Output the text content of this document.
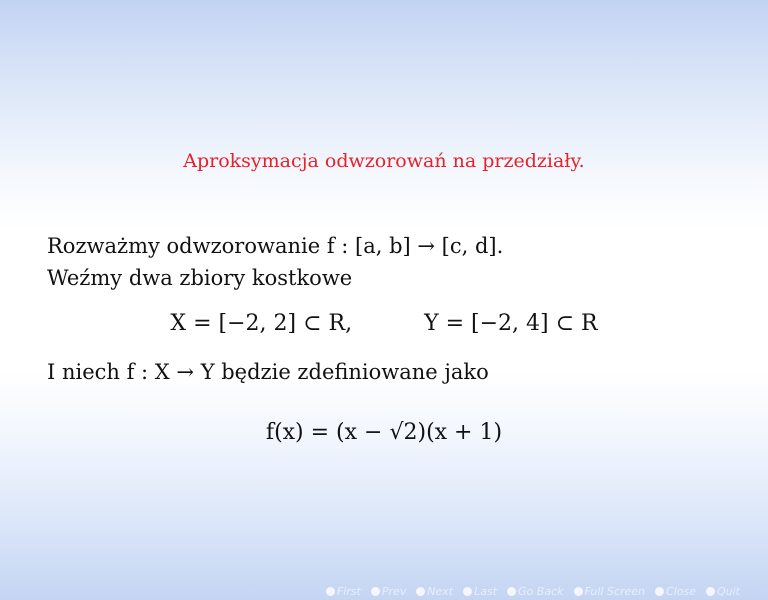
Aproksymacja odwzorowań na przedziały.
Rozważmy odwzorowanie f : [a, b] → [c, d].
Weźmy dwa zbiory kostkowe
X = [−2, 2] ⊂ R,	Y = [−2, 4] ⊂ R
I niech f : X → Y będzie zdefiniowane jako
f(x) = (x − √2)(x + 1)
First Prev Next Last Go Back Full Screen Close Quit
